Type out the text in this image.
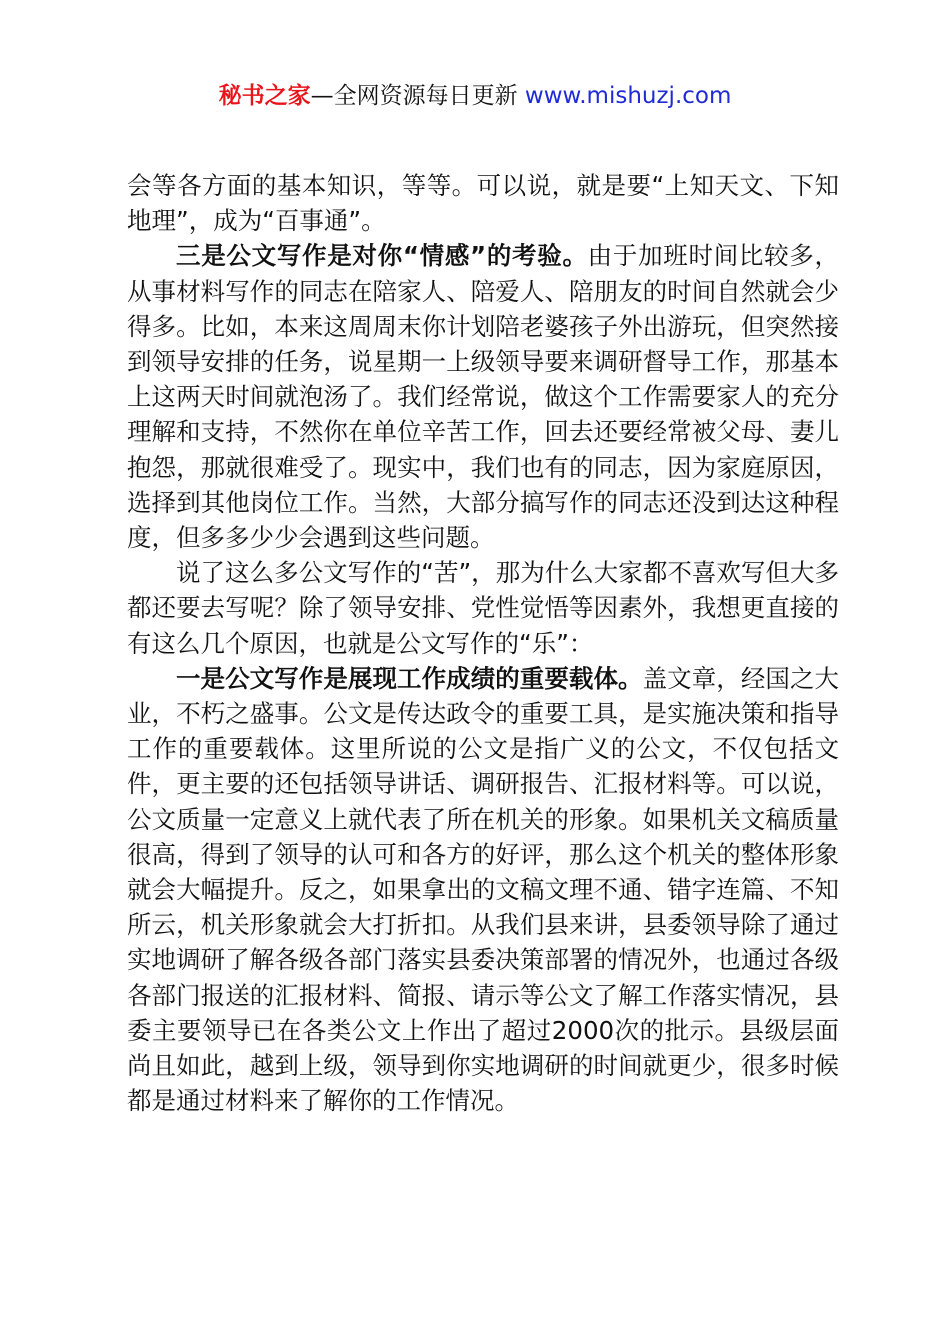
秘书之家—全网资源每日更新 www.mishuzj.com

会等各方面的基本知识，等等。可以说，就是要“上知天文、下知地理”，成为“百事通”。

三是公文写作是对你“情感”的考验。由于加班时间比较多，从事材料写作的同志在陪家人、陪爱人、陪朋友的时间自然就会少得多。比如，本来这周周末你计划陪老婆孩子外出游玩，但突然接到领导安排的任务，说星期一上级领导要来调研督导工作，那基本上这两天时间就泡汤了。我们经常说，做这个工作需要家人的充分理解和支持，不然你在单位辛苦工作，回去还要经常被父母、妻儿抱怨，那就很难受了。现实中，我们也有的同志，因为家庭原因，选择到其他岗位工作。当然，大部分搞写作的同志还没到达这种程度，但多多少少会遇到这些问题。

说了这么多公文写作的“苦”，那为什么大家都不喜欢写但大多都还要去写呢？除了领导安排、党性觉悟等因素外，我想更直接的有这么几个原因，也就是公文写作的“乐”：

一是公文写作是展现工作成绩的重要载体。盖文章，经国之大业，不朽之盛事。公文是传达政令的重要工具，是实施决策和指导工作的重要载体。这里所说的公文是指广义的公文，不仅包括文件，更主要的还包括领导讲话、调研报告、汇报材料等。可以说，公文质量一定意义上就代表了所在机关的形象。如果机关文稿质量很高，得到了领导的认可和各方的好评，那么这个机关的整体形象就会大幅提升。反之，如果拿出的文稿文理不通、错字连篇、不知所云，机关形象就会大打折扣。从我们县来讲，县委领导除了通过实地调研了解各级各部门落实县委决策部署的情况外，也通过各级各部门报送的汇报材料、简报、请示等公文了解工作落实情况，县委主要领导已在各类公文上作出了超过2000次的批示。县级层面尚且如此，越到上级，领导到你实地调研的时间就更少，很多时候都是通过材料来了解你的工作情况。
